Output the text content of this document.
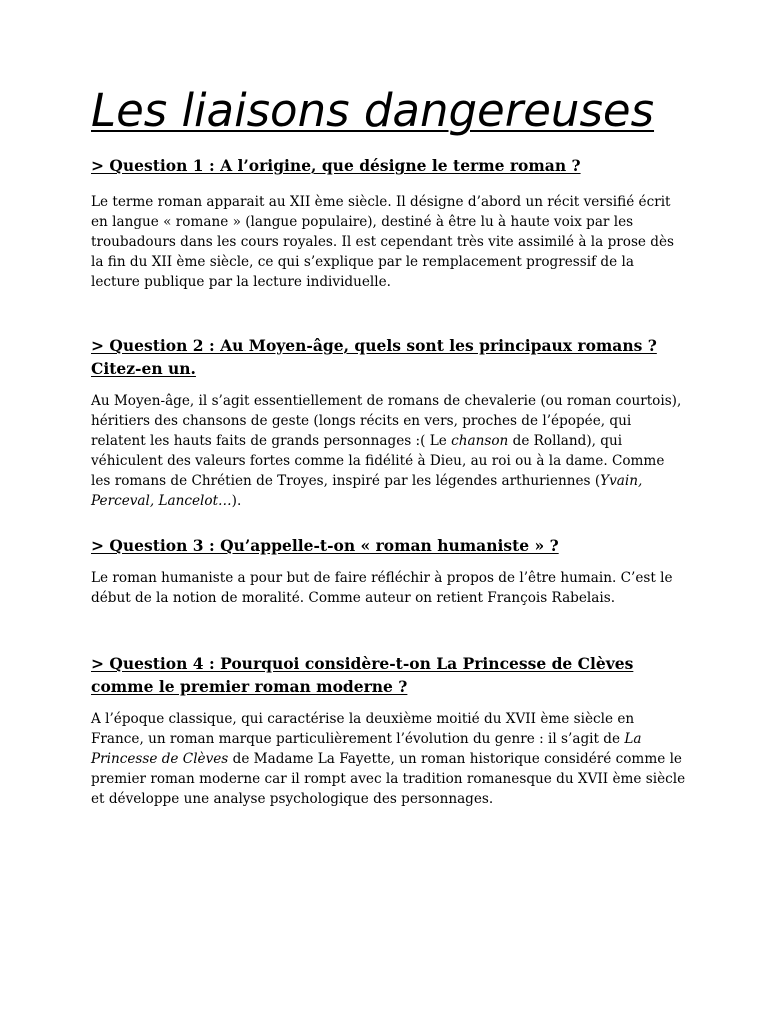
Les liaisons dangereuses
> Question 1 : A l’origine, que désigne le terme roman ?

Le terme roman apparait au XII ème siècle. Il désigne d’abord un récit versifié écrit en langue « romane » (langue populaire), destiné à être lu à haute voix par les troubadours dans les cours royales. Il est cependant très vite assimilé à la prose dès la fin du XII ème siècle, ce qui s’explique par le remplacement progressif de la lecture publique par la lecture individuelle.

> Question 2 : Au Moyen-âge, quels sont les principaux romans ? Citez-en un.

Au Moyen-âge, il s’agit essentiellement de romans de chevalerie (ou roman courtois), héritiers des chansons de geste (longs récits en vers, proches de l’épopée, qui relatent les hauts faits de grands personnages :( Le chanson de Rolland), qui véhiculent des valeurs fortes comme la fidélité à Dieu, au roi ou à la dame. Comme les romans de Chrétien de Troyes, inspiré par les légendes arthuriennes (Yvain, Perceval, Lancelot…).

> Question 3 : Qu’appelle-t-on « roman humaniste » ?

Le roman humaniste a pour but de faire réfléchir à propos de l’être humain. C’est le début de la notion de moralité. Comme auteur on retient François Rabelais.

> Question 4 : Pourquoi considère-t-on La Princesse de Clèves comme le premier roman moderne ?

A l’époque classique, qui caractérise la deuxième moitié du XVII ème siècle en France, un roman marque particulièrement l’évolution du genre : il s’agit de La Princesse de Clèves de Madame La Fayette, un roman historique considéré comme le premier roman moderne car il rompt avec la tradition romanesque du XVII ème siècle et développe une analyse psychologique des personnages.
